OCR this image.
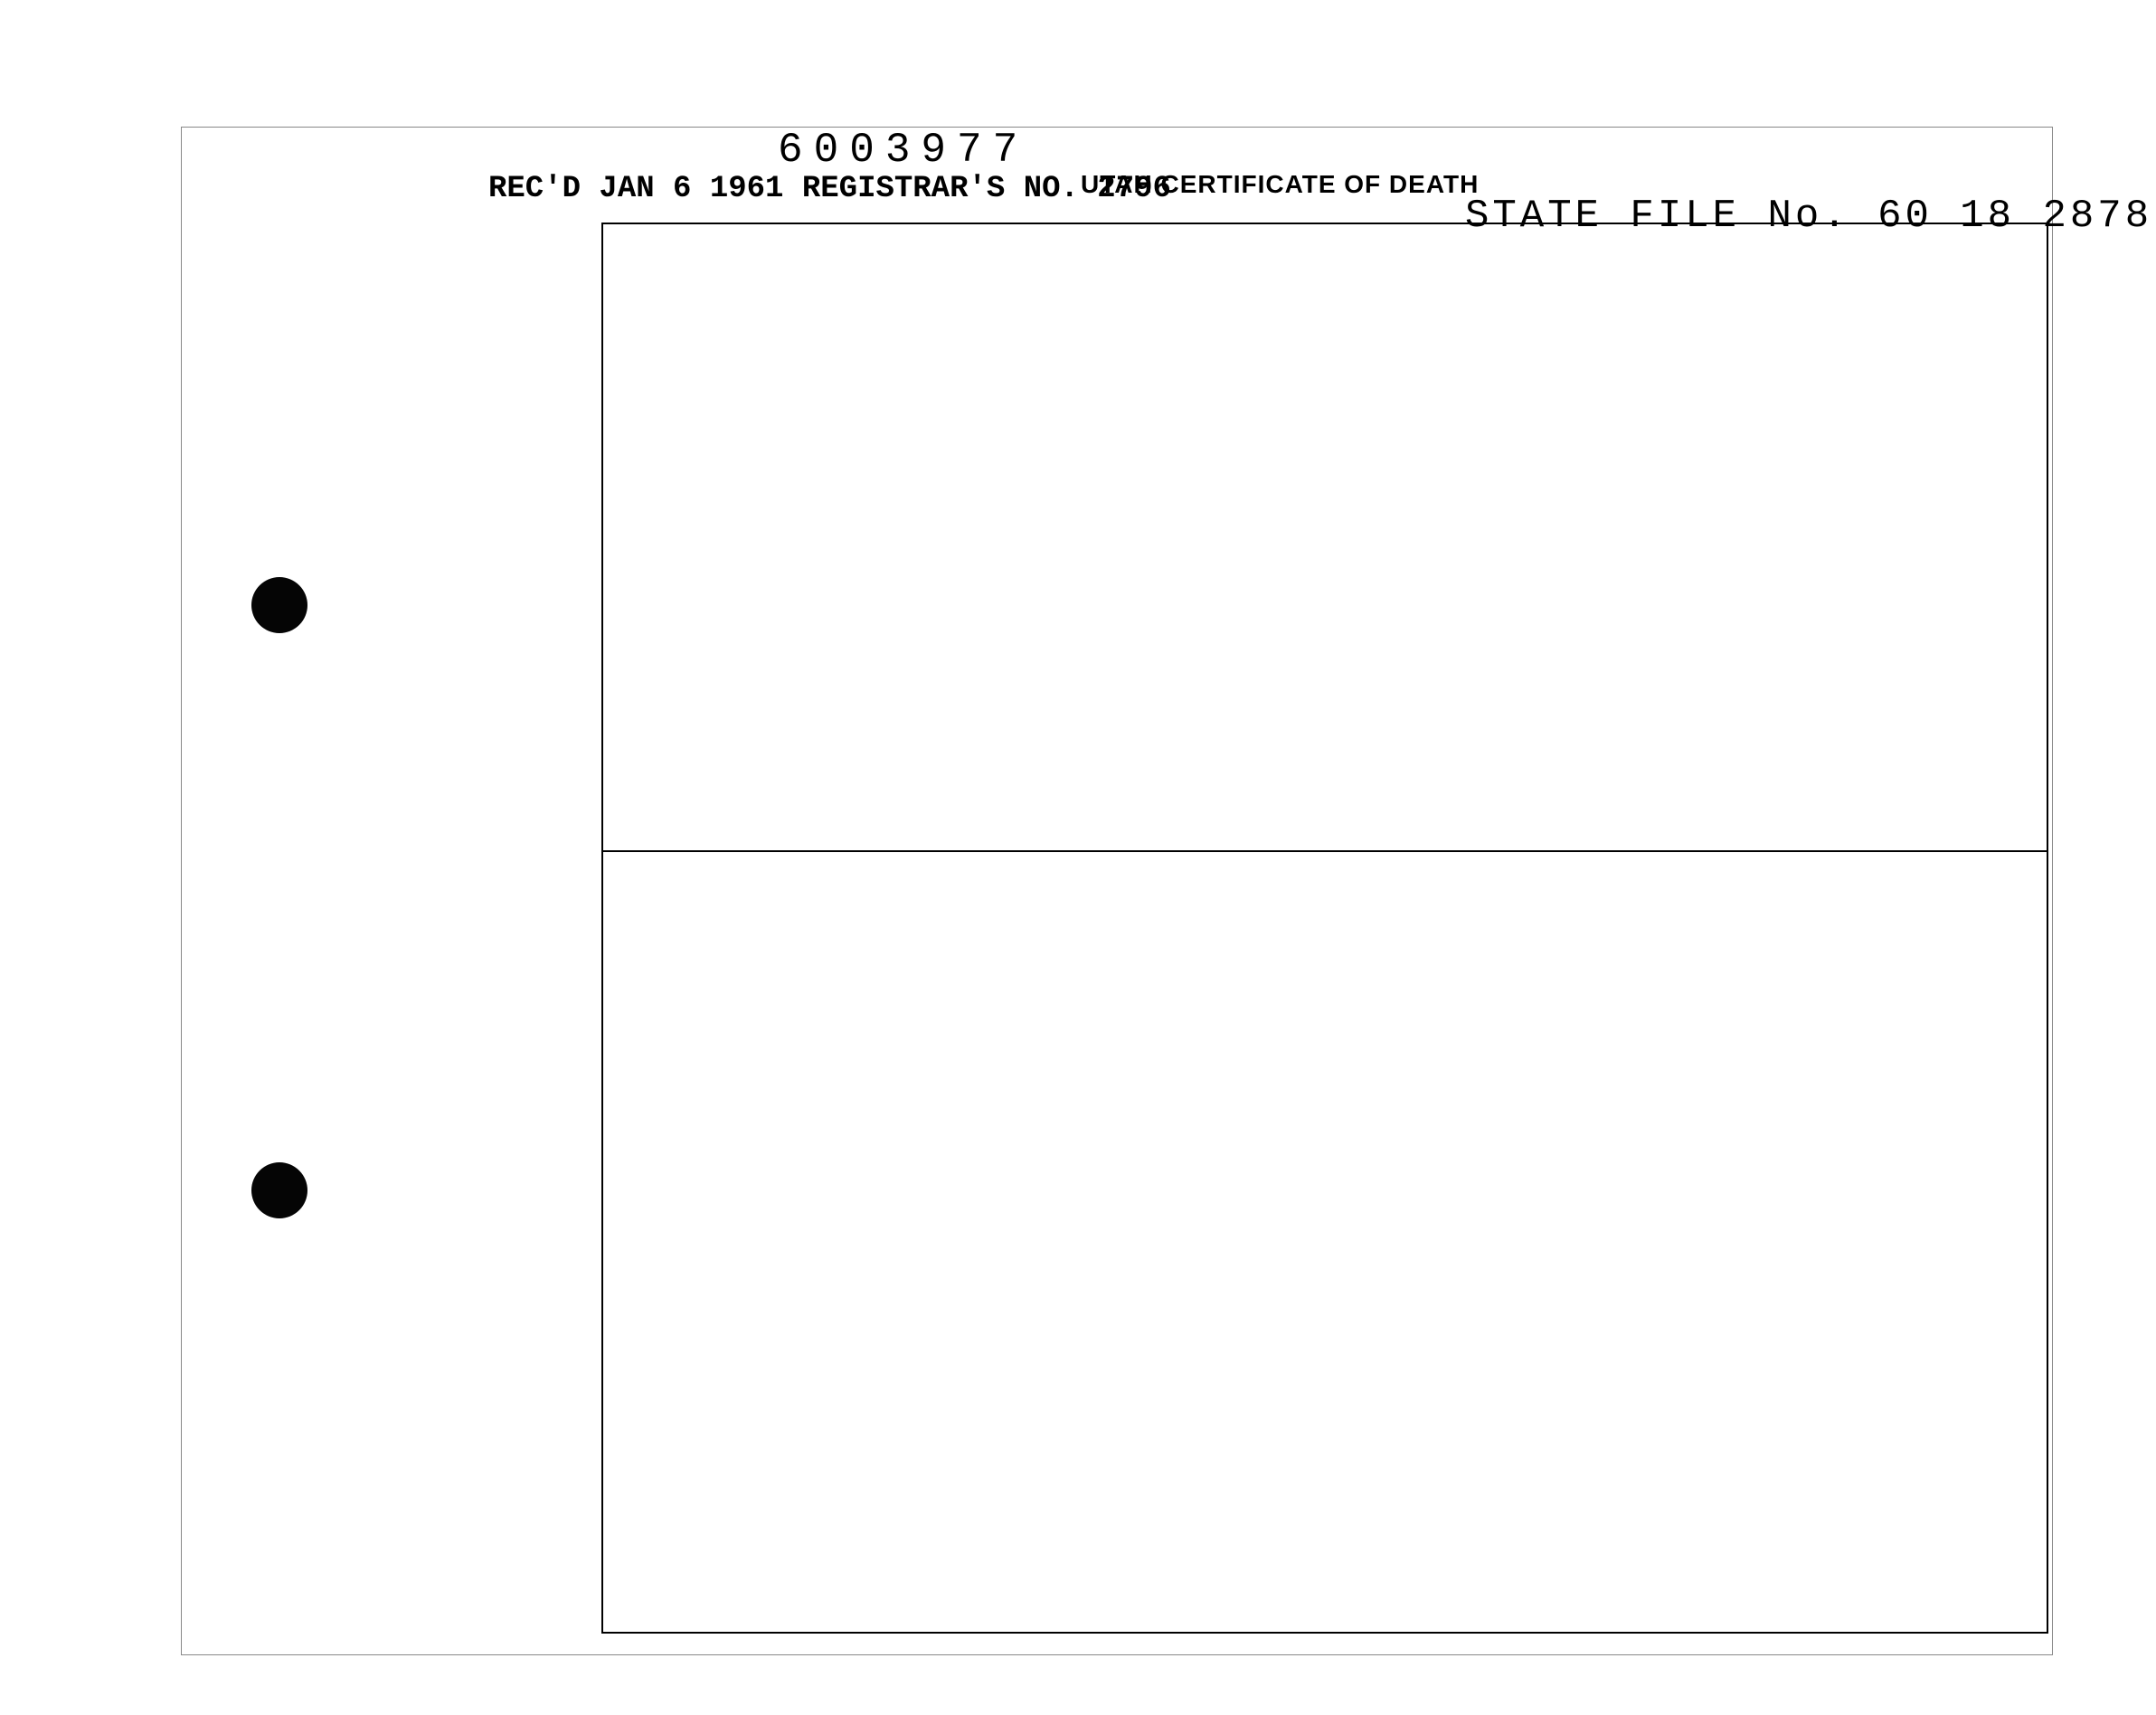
REC'D JAN 6 1961 REGISTRAR'S NO. 2796
UTAH CERTIFICATE OF DEATH
STATE FILE No. 60 18 2878
6003977
